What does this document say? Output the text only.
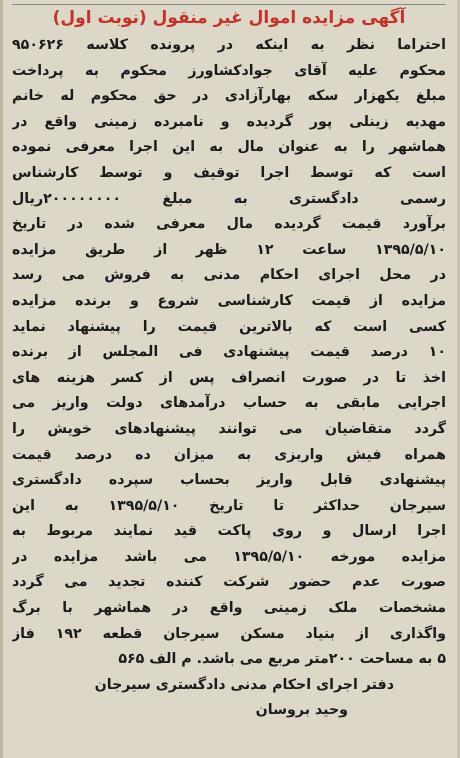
آگهی مزایده اموال غیر منقول (نوبت اول)
احتراما نظر به اینکه در پرونده کلاسه ۹۵۰۶۲۶
محکوم علیه آقای جوادکشاورز محکوم به پرداخت
مبلغ یکهزار سکه بهارآزادی در حق محکوم له خانم
مهدیه زینلی پور گردیده و نامبرده زمینی واقع در
هماشهر را به عنوان مال به این اجرا معرفی نموده
است که توسط اجرا توقیف و توسط کارشناس
رسمی دادگستری به مبلغ ۲۰۰۰۰۰۰۰۰ریال
برآورد قیمت گردیده مال معرفی شده در تاریخ
۱۳۹۵/۵/۱۰ ساعت ۱۲ ظهر از طریق مزایده
در محل اجرای احکام مدنی به فروش می رسد
مزایده از قیمت کارشناسی شروع و برنده مزایده
کسی است که بالاترین قیمت را پیشنهاد نماید
۱۰ درصد قیمت پیشنهادی فی المجلس از برنده
اخذ تا در صورت انصراف پس از کسر هزینه های
اجرایی مابقی به حساب درآمدهای دولت واریز می
گردد متقاضیان می توانند پیشنهادهای خویش را
همراه فیش واریزی به میزان ده درصد قیمت
پیشنهادی قابل واریز بحساب سپرده دادگستری
سیرجان حداکثر تا تاریخ ۱۳۹۵/۵/۱۰ به این
اجرا ارسال و روی پاکت قید نمایند مربوط به
مزایده مورخه ۱۳۹۵/۵/۱۰ می باشد مزایده در
صورت عدم حضور شرکت کننده تجدید می گردد
مشخصات ملک زمینی واقع در هماشهر با برگ
واگذاری از بنیاد مسکن سیرجان قطعه ۱۹۲ فاز
۵ به مساحت ۲۰۰متر مربع می باشد. م الف ۵۶۵
دفتر اجرای احکام مدنی دادگستری سیرجان
وحید بروسان
